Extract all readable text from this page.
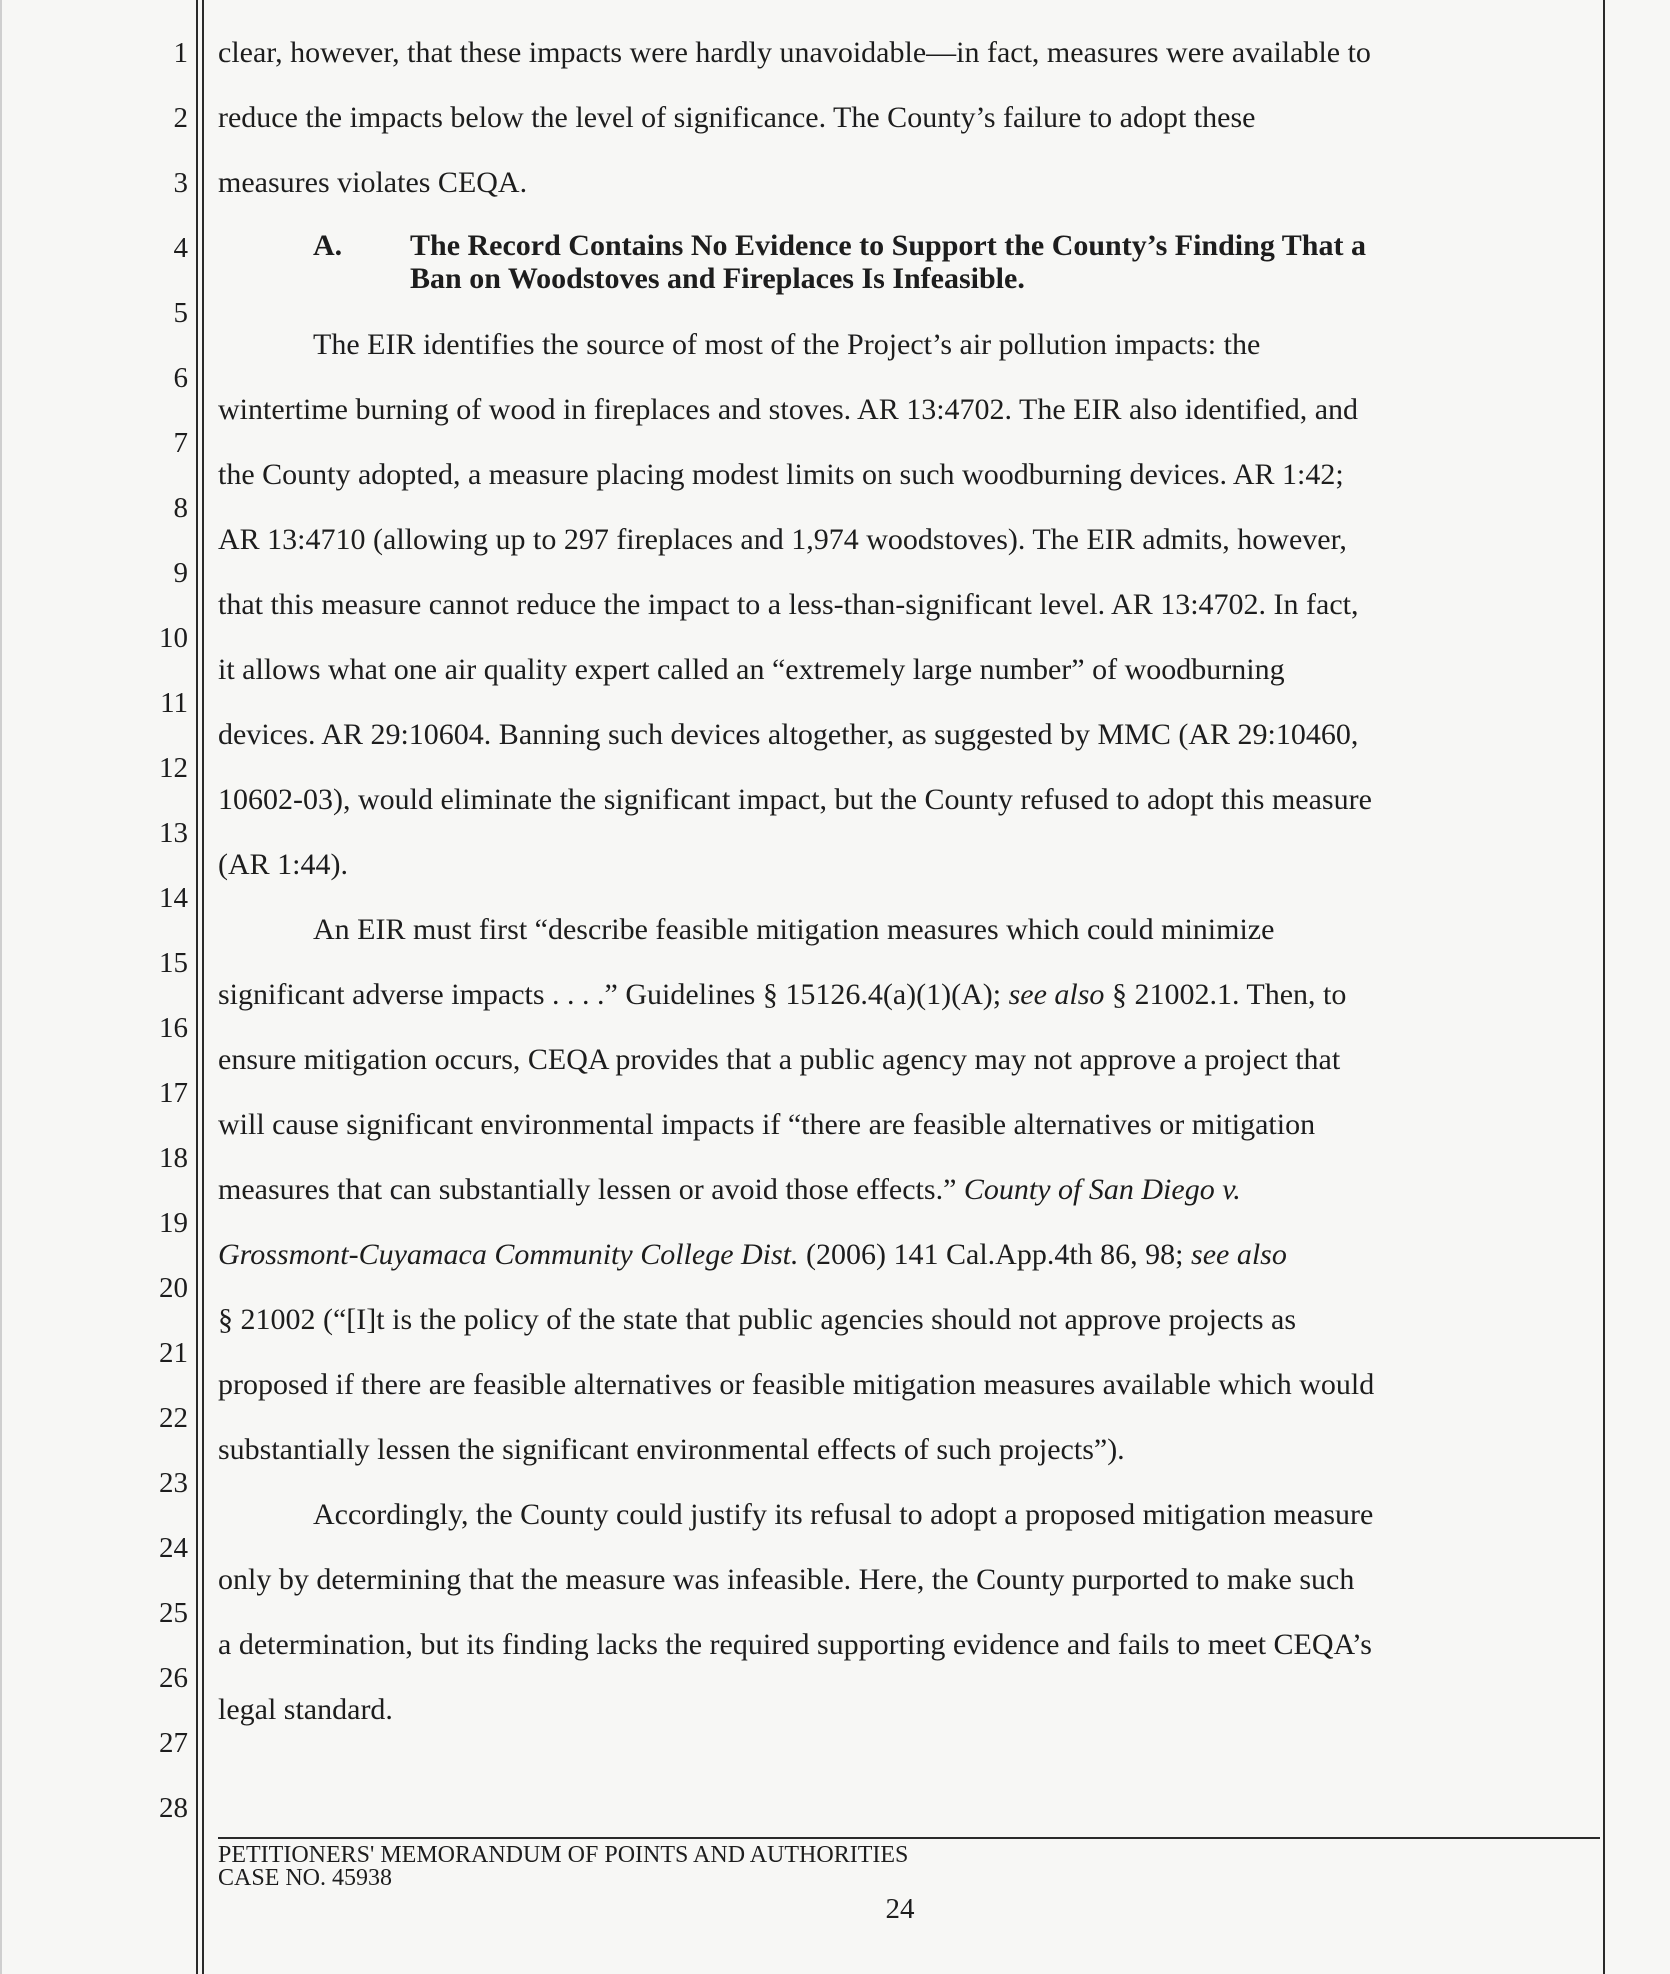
1
2
3
4
5
6
7
8
9
10
11
12
13
14
15
16
17
18
19
20
21
22
23
24
25
26
27
28
clear, however, that these impacts were hardly unavoidable—in fact, measures were available to
reduce the impacts below the level of significance. The County’s failure to adopt these
measures violates CEQA.
A. The Record Contains No Evidence to Support the County’s Finding That a
Ban on Woodstoves and Fireplaces Is Infeasible.
The EIR identifies the source of most of the Project’s air pollution impacts: the
wintertime burning of wood in fireplaces and stoves. AR 13:4702. The EIR also identified, and
the County adopted, a measure placing modest limits on such woodburning devices. AR 1:42;
AR 13:4710 (allowing up to 297 fireplaces and 1,974 woodstoves). The EIR admits, however,
that this measure cannot reduce the impact to a less-than-significant level. AR 13:4702. In fact,
it allows what one air quality expert called an “extremely large number” of woodburning
devices. AR 29:10604. Banning such devices altogether, as suggested by MMC (AR 29:10460,
10602-03), would eliminate the significant impact, but the County refused to adopt this measure
(AR 1:44).
An EIR must first “describe feasible mitigation measures which could minimize
significant adverse impacts . . . .” Guidelines § 15126.4(a)(1)(A); see also § 21002.1. Then, to
ensure mitigation occurs, CEQA provides that a public agency may not approve a project that
will cause significant environmental impacts if “there are feasible alternatives or mitigation
measures that can substantially lessen or avoid those effects.” County of San Diego v.
Grossmont-Cuyamaca Community College Dist. (2006) 141 Cal.App.4th 86, 98; see also
§ 21002 (“[I]t is the policy of the state that public agencies should not approve projects as
proposed if there are feasible alternatives or feasible mitigation measures available which would
substantially lessen the significant environmental effects of such projects”).
Accordingly, the County could justify its refusal to adopt a proposed mitigation measure
only by determining that the measure was infeasible. Here, the County purported to make such
a determination, but its finding lacks the required supporting evidence and fails to meet CEQA’s
legal standard.
PETITIONERS' MEMORANDUM OF POINTS AND AUTHORITIES
CASE NO. 45938
24
